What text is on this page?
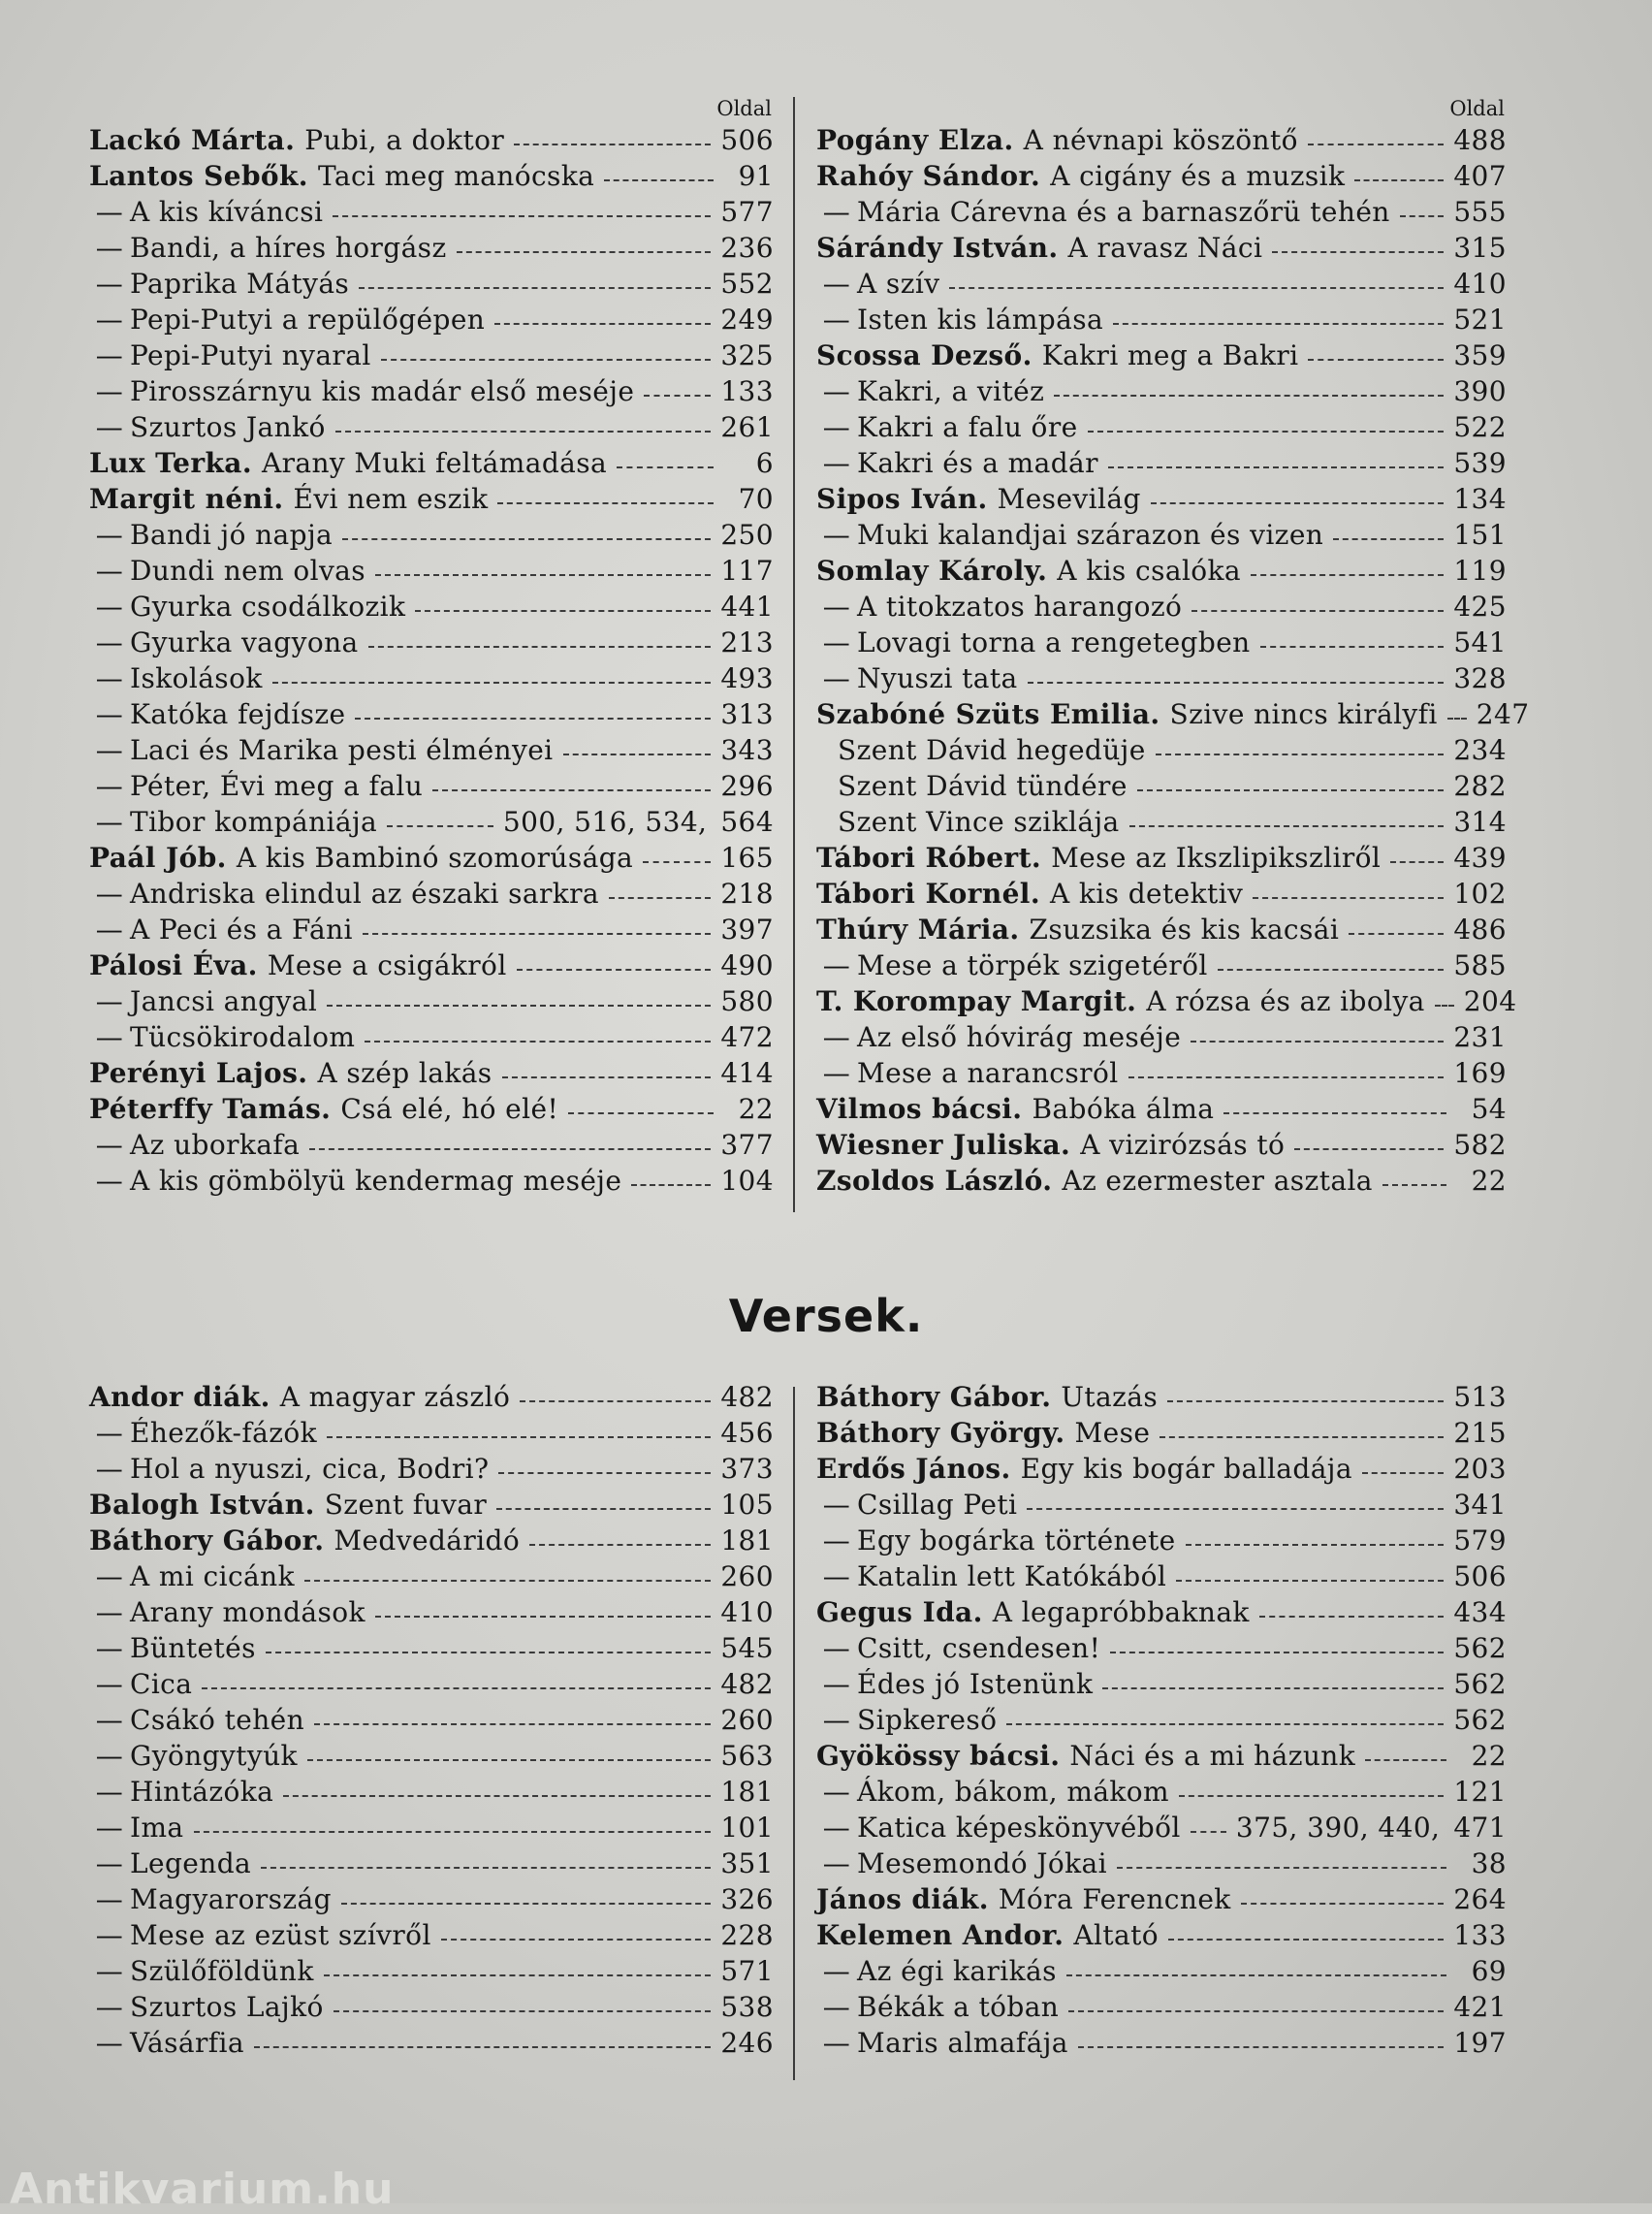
Oldal
Lackó Márta. Pubi, a doktor	506
Lantos Sebők. Taci meg manócska	91
— A kis kíváncsi	577
— Bandi, a híres horgász	236
— Paprika Mátyás	552
— Pepi-Putyi a repülőgépen	249
— Pepi-Putyi nyaral	325
— Pirosszárnyu kis madár első meséje	133
— Szurtos Jankó	261
Lux Terka. Arany Muki feltámadása	6
Margit néni. Évi nem eszik	70
— Bandi jó napja	250
— Dundi nem olvas	117
— Gyurka csodálkozik	441
— Gyurka vagyona	213
— Iskolások	493
— Katóka fejdísze	313
— Laci és Marika pesti élményei	343
— Péter, Évi meg a falu	296
— Tibor kompániája	500, 516, 534, 564
Paál Jób. A kis Bambinó szomorúsága	165
— Andriska elindul az északi sarkra	218
— A Peci és a Fáni	397
Pálosi Éva. Mese a csigákról	490
— Jancsi angyal	580
— Tücsökirodalom	472
Perényi Lajos. A szép lakás	414
Péterffy Tamás. Csá elé, hó elé!	22
— Az uborkafa	377
— A kis gömbölyü kendermag meséje	104
Oldal
Pogány Elza. A névnapi köszöntő	488
Rahóy Sándor. A cigány és a muzsik	407
— Mária Cárevna és a barnaszőrü tehén 555
Sárándy István. A ravasz Náci	315
— A szív	410
— Isten kis lámpása	521
Scossa Dezső. Kakri meg a Bakri	359
— Kakri, a vitéz	390
— Kakri a falu őre	522
— Kakri és a madár	539
Sipos Iván. Mesevilág	134
— Muki kalandjai szárazon és vizen	151
Somlay Károly. A kis csalóka	119
— A titokzatos harangozó	425
— Lovagi torna a rengetegben	541
— Nyuszi tata	328
Szabóné Szüts Emilia. Szive nincs királyfi 247
Szent Dávid hegedüje	234
Szent Dávid tündére	282
Szent Vince sziklája	314
Tábori Róbert. Mese az Ikszlipikszliről	439
Tábori Kornél. A kis detektiv	102
Thúry Mária. Zsuzsika és kis kacsái	486
— Mese a törpék szigetéről	585
T. Korompay Margit. A rózsa és az ibolya 204
— Az első hóvirág meséje	231
— Mese a narancsról	169
Vilmos bácsi. Babóka álma	54
Wiesner Juliska. A vizirózsás tó	582
Zsoldos László. Az ezermester asztala	22
Versek.
Andor diák. A magyar zászló	482
— Éhezők-fázók	456
— Hol a nyuszi, cica, Bodri?	373
Balogh István. Szent fuvar	105
Báthory Gábor. Medvedáridó	181
— A mi cicánk	260
— Arany mondások	410
— Büntetés	545
— Cica	482
— Csákó tehén	260
— Gyöngytyúk	563
— Hintázóka	181
— Ima	101
— Legenda	351
— Magyarország	326
— Mese az ezüst szívről	228
— Szülőföldünk	571
— Szurtos Lajkó	538
— Vásárfia	246
Báthory Gábor. Utazás	513
Báthory György. Mese	215
Erdős János. Egy kis bogár balladája	203
— Csillag Peti	341
— Egy bogárka története	579
— Katalin lett Katókából	506
Gegus Ida. A legapróbbaknak	434
— Csitt, csendesen!	562
— Édes jó Istenünk	562
— Sipkereső	562
Gyökössy bácsi. Náci és a mi házunk	22
— Ákom, bákom, mákom	121
— Katica képeskönyvéből 375, 390, 440, 471
— Mesemondó Jókai	38
János diák. Móra Ferencnek	264
Kelemen Andor. Altató	133
— Az égi karikás	69
— Békák a tóban	421
— Maris almafája	197
Antikvarium.hu
